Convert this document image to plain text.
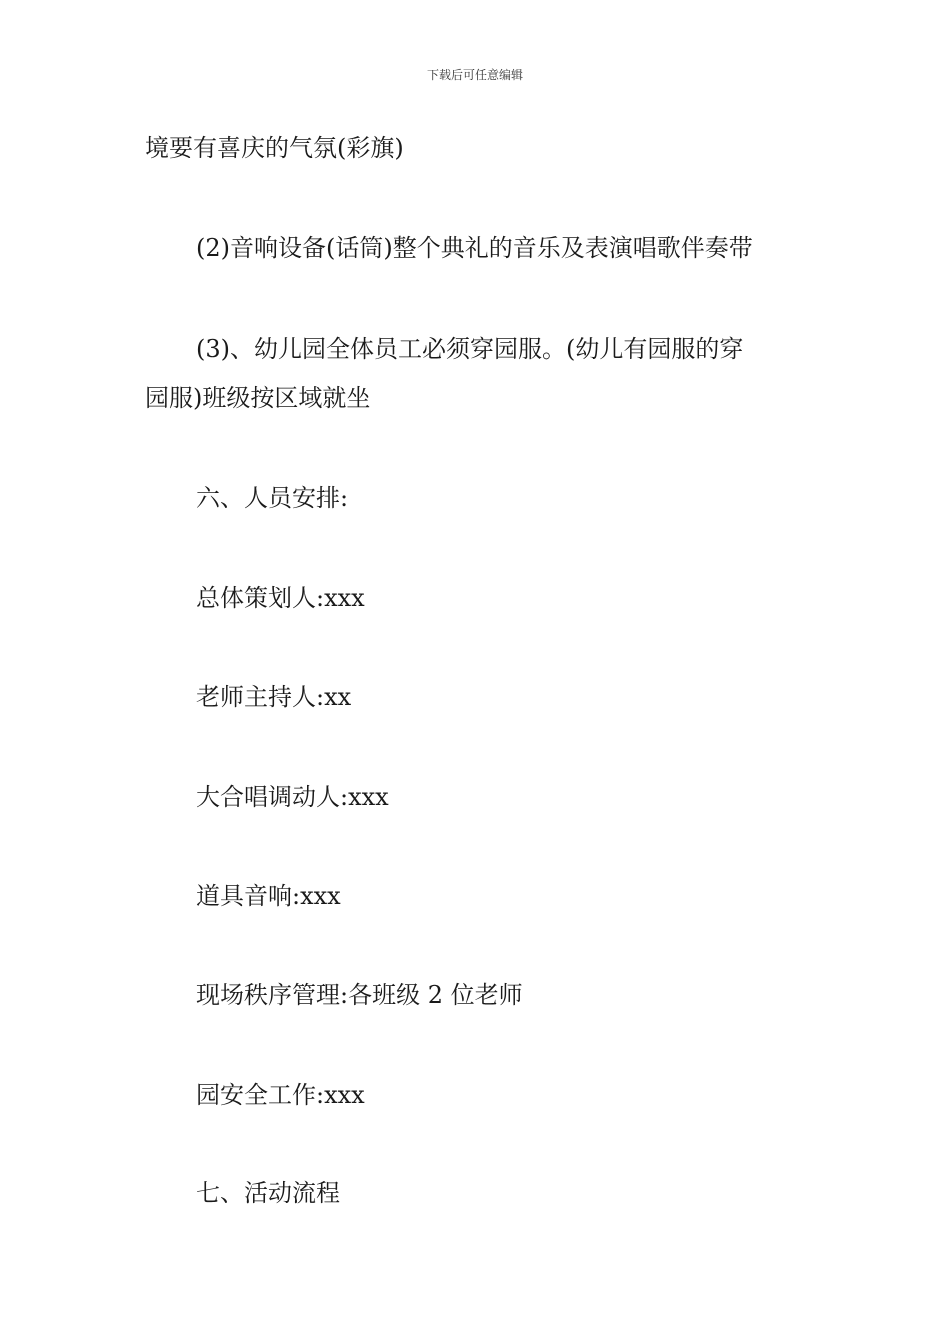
下载后可任意编辑
境要有喜庆的气氛(彩旗)
(2)音响设备(话筒)整个典礼的音乐及表演唱歌伴奏带
(3)、幼儿园全体员工必须穿园服。(幼儿有园服的穿
园服)班级按区域就坐
六、人员安排:
总体策划人:xxx
老师主持人:xx
大合唱调动人:xxx
道具音响:xxx
现场秩序管理:各班级 2 位老师
园安全工作:xxx
七、活动流程
